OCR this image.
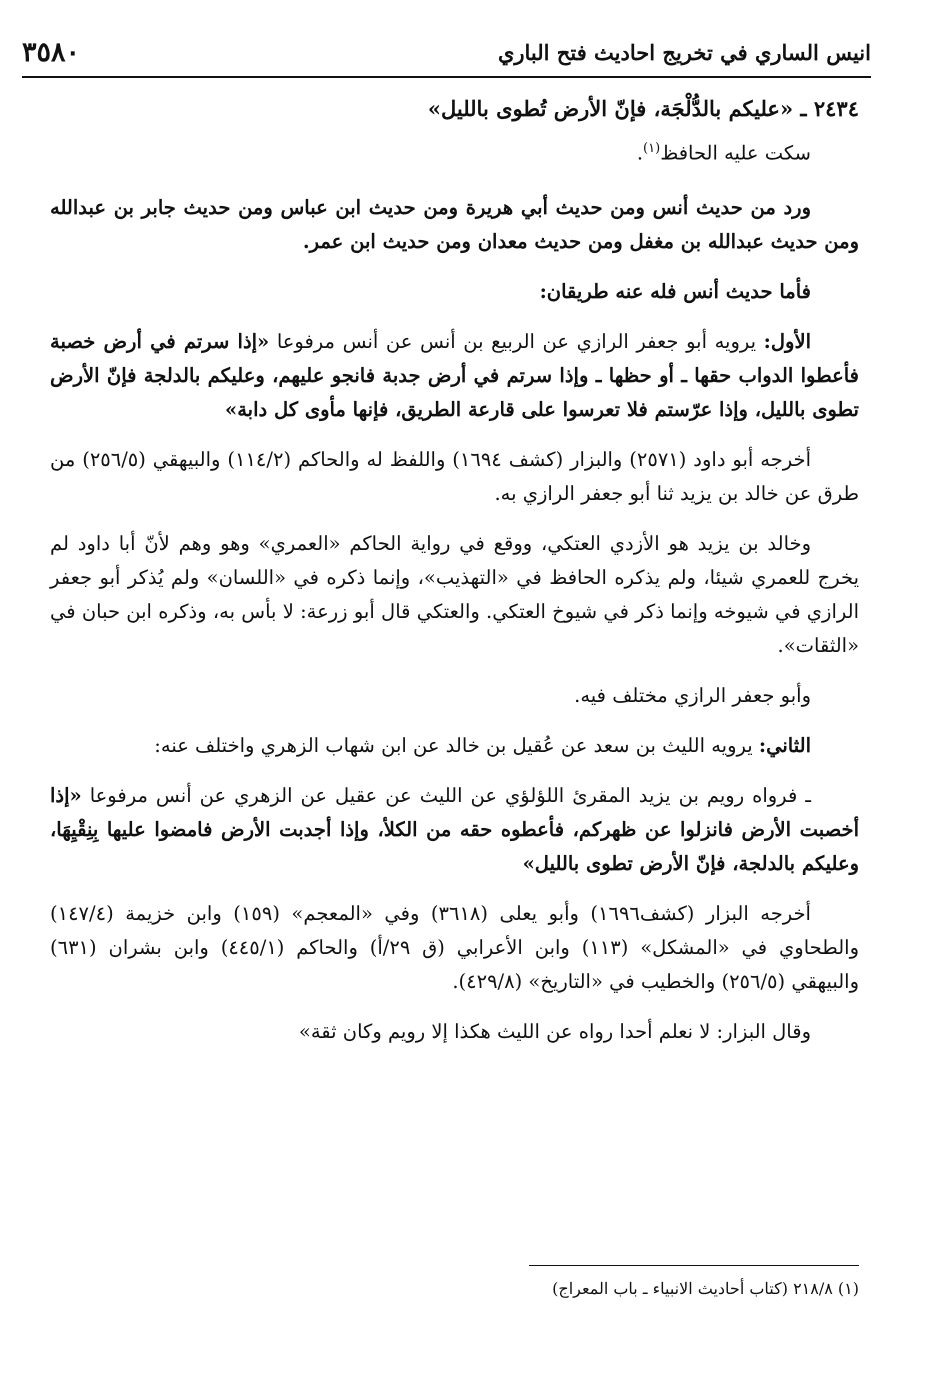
انيس الساري في تخريج احاديث فتح الباري
٣٥٨٠

٢٤٣٤ ـ «عليكم بالدُّلْجَة، فإنّ الأرض تُطوى بالليل»

سكت عليه الحافظ$^{(١)}$.

ورد من حديث أنس ومن حديث أبي هريرة ومن حديث ابن عباس ومن حديث جابر بن عبدالله ومن حديث عبدالله بن مغفل ومن حديث معدان ومن حديث ابن عمر.

فأما حديث أنس فله عنه طريقان:

الأول: يرويه أبو جعفر الرازي عن الربيع بن أنس عن أنس مرفوعا «إذا سرتم في أرض خصبة فأعطوا الدواب حقها ـ أو حظها ـ وإذا سرتم في أرض جدبة فانجو عليهم، وعليكم بالدلجة فإنّ الأرض تطوى بالليل، وإذا عرّستم فلا تعرسوا على قارعة الطريق، فإنها مأوى كل دابة»

أخرجه أبو داود (٢٥٧١) والبزار (كشف ١٦٩٤) واللفظ له والحاكم (١١٤/٢) والبيهقي (٢٥٦/٥) من طرق عن خالد بن يزيد ثنا أبو جعفر الرازي به.

وخالد بن يزيد هو الأزدي العتكي، ووقع في رواية الحاكم «العمري» وهو وهم لأنّ أبا داود لم يخرج للعمري شيئا، ولم يذكره الحافظ في «التهذيب»، وإنما ذكره في «اللسان» ولم يُذكر أبو جعفر الرازي في شيوخه وإنما ذكر في شيوخ العتكي. والعتكي قال أبو زرعة: لا بأس به، وذكره ابن حبان في «الثقات».

وأبو جعفر الرازي مختلف فيه.

الثاني: يرويه الليث بن سعد عن عُقيل بن خالد عن ابن شهاب الزهري واختلف عنه:

ـ فرواه رويم بن يزيد المقرئ اللؤلؤي عن الليث عن عقيل عن الزهري عن أنس مرفوعا «إذا أخصبت الأرض فانزلوا عن ظهركم، فأعطوه حقه من الكلأ، وإذا أجدبت الأرض فامضوا عليها بِنِقْيِهَا، وعليكم بالدلجة، فإنّ الأرض تطوى بالليل»

أخرجه البزار (كشف١٦٩٦) وأبو يعلى (٣٦١٨) وفي «المعجم» (١٥٩) وابن خزيمة (١٤٧/٤) والطحاوي في «المشكل» (١١٣) وابن الأعرابي (ق ٢٩/أ) والحاكم (٤٤٥/١) وابن بشران (٦٣١) والبيهقي (٢٥٦/٥) والخطيب في «التاريخ» (٤٢٩/٨).

وقال البزار: لا نعلم أحدا رواه عن الليث هكذا إلا رويم وكان ثقة»

(١) ٢١٨/٨ (كتاب أحاديث الانبياء ـ باب المعراج)
